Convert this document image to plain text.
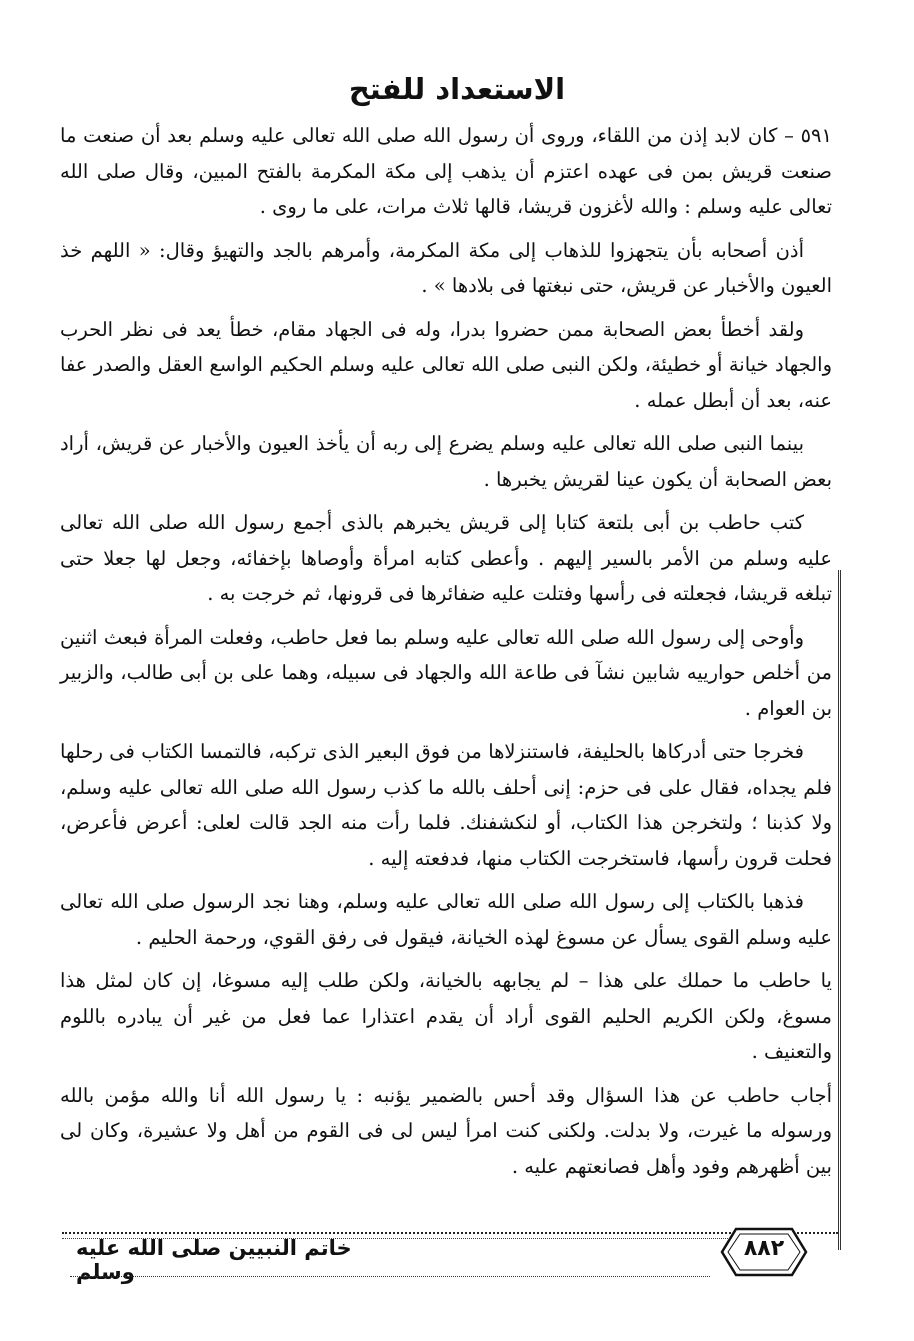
الاستعداد للفتح

٥٩١ – كان لابد إذن من اللقاء، وروى أن رسول الله صلى الله تعالى عليه وسلم بعد أن صنعت ما صنعت قريش بمن فى عهده اعتزم أن يذهب إلى مكة المكرمة بالفتح المبين، وقال صلى الله تعالى عليه وسلم : والله لأغزون قريشا، قالها ثلاث مرات، على ما روى .

أذن أصحابه بأن يتجهزوا للذهاب إلى مكة المكرمة، وأمرهم بالجد والتهيؤ وقال: « اللهم خذ العيون والأخبار عن قريش، حتى نبغتها فى بلادها » .

ولقد أخطأ بعض الصحابة ممن حضروا بدرا، وله فى الجهاد مقام، خطأ يعد فى نظر الحرب والجهاد خيانة أو خطيئة، ولكن النبى صلى الله تعالى عليه وسلم الحكيم الواسع العقل والصدر عفا عنه، بعد أن أبطل عمله .

بينما النبى صلى الله تعالى عليه وسلم يضرع إلى ربه أن يأخذ العيون والأخبار عن قريش، أراد بعض الصحابة أن يكون عينا لقريش يخبرها .

كتب حاطب بن أبى بلتعة كتابا إلى قريش يخبرهم بالذى أجمع رسول الله صلى الله تعالى عليه وسلم من الأمر بالسير إليهم . وأعطى كتابه امرأة وأوصاها بإخفائه، وجعل لها جعلا حتى تبلغه قريشا، فجعلته فى رأسها وفتلت عليه ضفائرها فى قرونها، ثم خرجت به .

وأوحى إلى رسول الله صلى الله تعالى عليه وسلم بما فعل حاطب، وفعلت المرأة فبعث اثنين من أخلص حوارييه شابين نشآ فى طاعة الله والجهاد فى سبيله، وهما على بن أبى طالب، والزبير بن العوام .

فخرجا حتى أدركاها بالحليفة، فاستنزلاها من فوق البعير الذى تركبه، فالتمسا الكتاب فى رحلها فلم يجداه، فقال على فى حزم: إنى أحلف بالله ما كذب رسول الله صلى الله تعالى عليه وسلم، ولا كذبنا ؛ ولتخرجن هذا الكتاب، أو لنكشفنك. فلما رأت منه الجد قالت لعلى: أعرض فأعرض، فحلت قرون رأسها، فاستخرجت الكتاب منها، فدفعته إليه .

فذهبا بالكتاب إلى رسول الله صلى الله تعالى عليه وسلم، وهنا نجد الرسول صلى الله تعالى عليه وسلم القوى يسأل عن مسوغ لهذه الخيانة، فيقول فى رفق القوي، ورحمة الحليم .

يا حاطب ما حملك على هذا – لم يجابهه بالخيانة، ولكن طلب إليه مسوغا، إن كان لمثل هذا مسوغ، ولكن الكريم الحليم القوى أراد أن يقدم اعتذارا عما فعل من غير أن يبادره باللوم والتعنيف .

أجاب حاطب عن هذا السؤال وقد أحس بالضمير يؤنبه : يا رسول الله أنا والله مؤمن بالله ورسوله ما غيرت، ولا بدلت. ولكنى كنت امرأ ليس لى فى القوم من أهل ولا عشيرة، وكان لى بين أظهرهم وفود وأهل فصانعتهم عليه .

٨٨٢
خاتم النبيين صلى الله عليه وسلم
